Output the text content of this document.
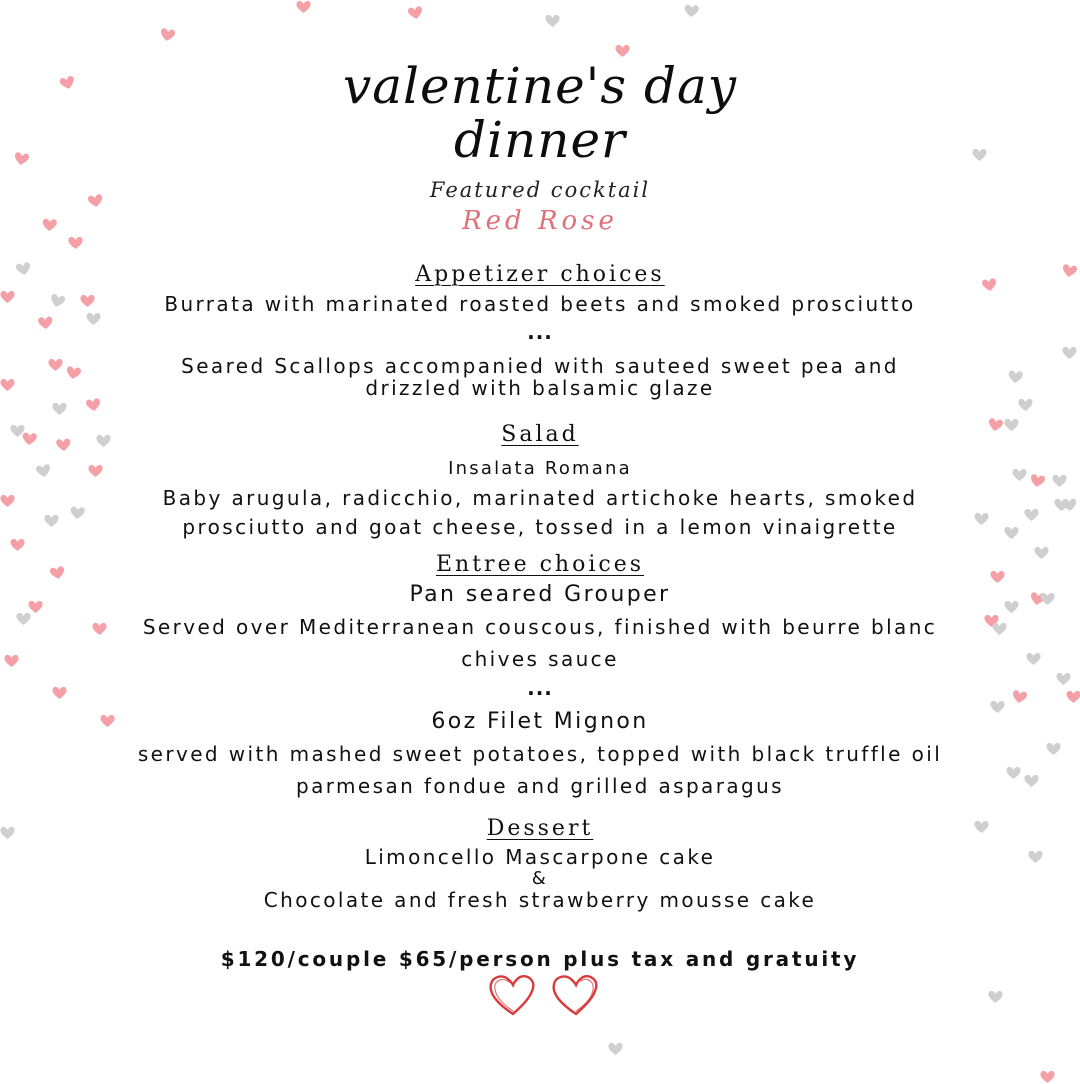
valentine's day

dinner

Featured cocktail

Red Rose

Appetizer choices

Burrata with marinated roasted beets and smoked prosciutto

...

Seared Scallops accompanied with sauteed sweet pea and

drizzled with balsamic glaze

Salad

Insalata Romana

Baby arugula, radicchio, marinated artichoke hearts, smoked

prosciutto and goat cheese, tossed in a lemon vinaigrette

Entree choices

Pan seared Grouper

Served over Mediterranean couscous, finished with beurre blanc

chives sauce

...

6oz Filet Mignon

served with mashed sweet potatoes, topped with black truffle oil

parmesan fondue and grilled asparagus

Dessert

Limoncello Mascarpone cake

&

Chocolate and fresh strawberry mousse cake

$120/couple $65/person plus tax and gratuity
